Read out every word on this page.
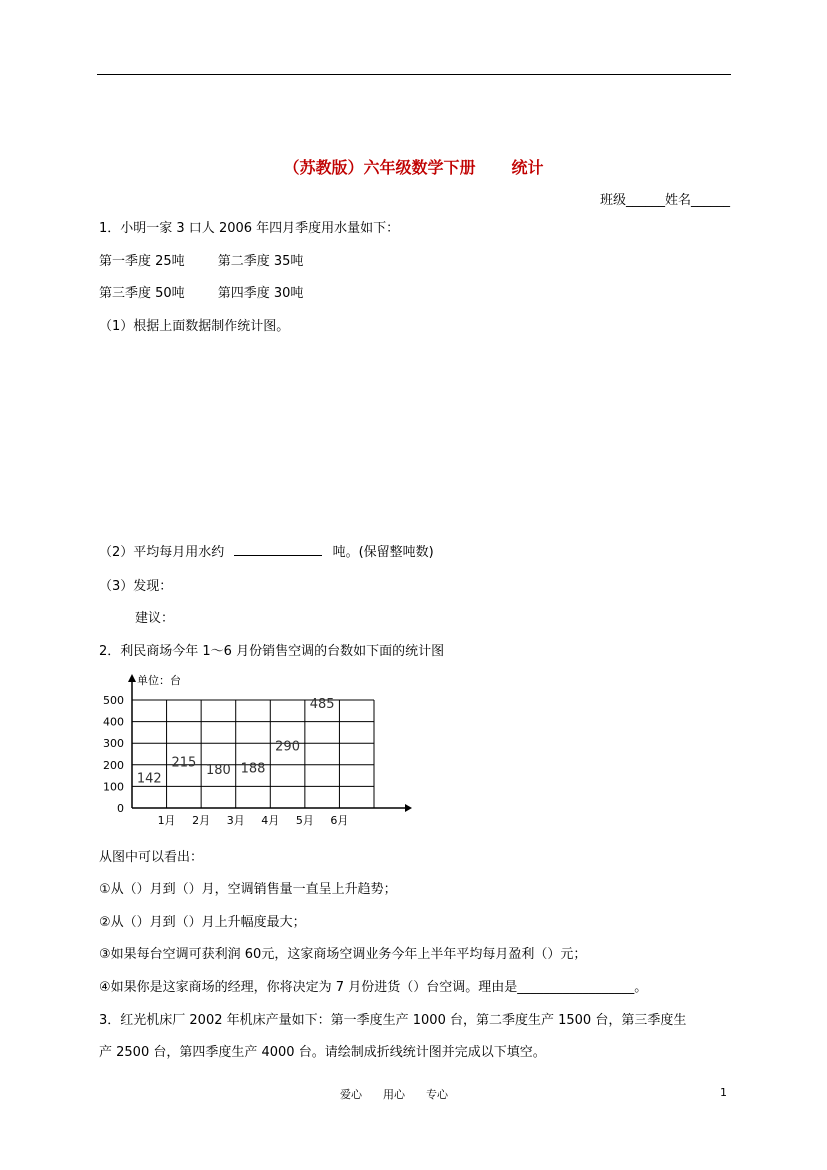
（苏教版）六年级数学下册 统计
班级______姓名______
1．小明一家 3 口人 2006 年四月季度用水量如下：
第一季度 25吨        第二季度 35吨
第三季度 50吨        第四季度 30吨
（1）根据上面数据制作统计图。
（2）平均每月用水约	吨。(保留整吨数)
（3）发现：
建议：
2．利民商场今年 1～6 月份销售空调的台数如下面的统计图
0
100
200
300
400
500
1月 2月 3月 4月 5月 6月
142
215
180 188
290
485
单位：台
从图中可以看出：
①从（）月到（）月，空调销售量一直呈上升趋势；
②从（）月到（）月上升幅度最大；
③如果每台空调可获利润 60元，这家商场空调业务今年上半年平均每月盈利（）元；
④如果你是这家商场的经理，你将决定为 7 月份进货（）台空调。理由是__________________。
3．红光机床厂 2002 年机床产量如下：第一季度生产 1000 台，第二季度生产 1500 台，第三季度生
产 2500 台，第四季度生产 4000 台。请绘制成折线统计图并完成以下填空。
爱心      用心      专心	1
